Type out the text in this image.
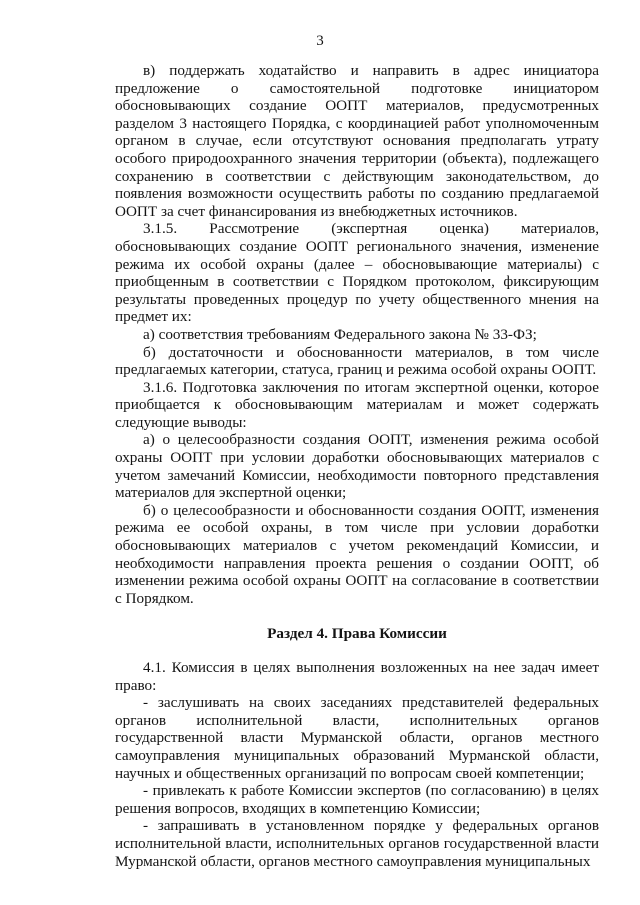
3

в) поддержать ходатайство и направить в адрес инициатора предложение о самостоятельной подготовке инициатором обосновывающих создание ООПТ материалов, предусмотренных разделом 3 настоящего Порядка, с координацией работ уполномоченным органом в случае, если отсутствуют основания предполагать утрату особого природоохранного значения территории (объекта), подлежащего сохранению в соответствии с действующим законодательством, до появления возможности осуществить работы по созданию предлагаемой ООПТ за счет финансирования из внебюджетных источников.

3.1.5. Рассмотрение (экспертная оценка) материалов, обосновывающих создание ООПТ регионального значения, изменение режима их особой охраны (далее – обосновывающие материалы) с приобщенным в соответствии с Порядком протоколом, фиксирующим результаты проведенных процедур по учету общественного мнения на предмет их:

а) соответствия требованиям Федерального закона № 33-ФЗ;

б) достаточности и обоснованности материалов, в том числе предлагаемых категории, статуса, границ и режима особой охраны ООПТ.

3.1.6. Подготовка заключения по итогам экспертной оценки, которое приобщается к обосновывающим материалам и может содержать следующие выводы:

а) о целесообразности создания ООПТ, изменения режима особой охраны ООПТ при условии доработки обосновывающих материалов с учетом замечаний Комиссии, необходимости повторного представления материалов для экспертной оценки;

б) о целесообразности и обоснованности создания ООПТ, изменения режима ее особой охраны, в том числе при условии доработки обосновывающих материалов с учетом рекомендаций Комиссии, и необходимости направления проекта решения о создании ООПТ, об изменении режима особой охраны ООПТ на согласование в соответствии с Порядком.

Раздел 4. Права Комиссии

4.1. Комиссия в целях выполнения возложенных на нее задач имеет право:

- заслушивать на своих заседаниях представителей федеральных органов исполнительной власти, исполнительных органов государственной власти Мурманской области, органов местного самоуправления муниципальных образований Мурманской области, научных и общественных организаций по вопросам своей компетенции;

- привлекать к работе Комиссии экспертов (по согласованию) в целях решения вопросов, входящих в компетенцию Комиссии;

- запрашивать в установленном порядке у федеральных органов исполнительной власти, исполнительных органов государственной власти Мурманской области, органов местного самоуправления муниципальных
